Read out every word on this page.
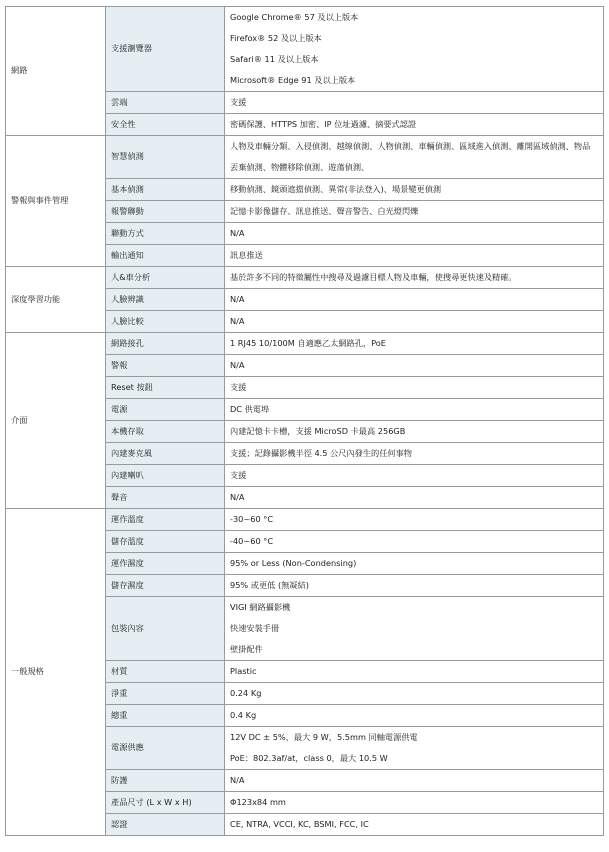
網路	支援瀏覽器	Google Chrome® 57 及以上版本
Firefox® 52 及以上版本
Safari® 11 及以上版本
Microsoft® Edge 91 及以上版本

	雲端	支援

	安全性	密碼保護、HTTPS 加密、IP 位址過濾、摘要式認證

警報與事件管理	智慧偵測	人物及車輛分類、入侵偵測、越線偵測、人物偵測、車輛偵測、區域進入偵測、離開區域偵測、物品丟棄偵測、物體移除偵測、遊蕩偵測、

	基本偵測	移動偵測、鏡頭遮擋偵測、異常(非法登入)、場景變更偵測

	報警聯動	記憶卡影像儲存、訊息推送、聲音警告、白光燈閃爍

	聯動方式	N/A

	輸出通知	訊息推送

深度學習功能	人&車分析	基於許多不同的特徵屬性中搜尋及過濾目標人物及車輛，使搜尋更快速及精確。

	人臉辨識	N/A

	人臉比較	N/A

介面	網路接孔	1 RJ45 10/100M 自適應乙太網路孔，PoE

	警報	N/A

	Reset 按鈕	支援

	電源	DC 供電埠

	本機存取	內建記憶卡卡槽，支援 MicroSD 卡最高 256GB

	內建麥克風	支援；記錄攝影機半徑 4.5 公尺內發生的任何事物

	內建喇叭	支援

	聲音	N/A

一般規格	運作溫度	-30~60 °C

	儲存溫度	-40~60 °C

	運作濕度	95% or Less (Non-Condensing)

	儲存濕度	95% 或更低 (無凝結)

	包裝內容	VIGI 網路攝影機
快速安裝手冊
壁掛配件

	材質	Plastic

	淨重	0.24 Kg

	總重	0.4 Kg

	電源供應	12V DC ± 5%，最大 9 W，5.5mm 同軸電源供電
PoE：802.3af/at，class 0，最大 10.5 W

	防護	N/A

	產品尺寸 (L x W x H)	Φ123x84 mm

	認證	CE, NTRA, VCCI, KC, BSMI, FCC, IC
